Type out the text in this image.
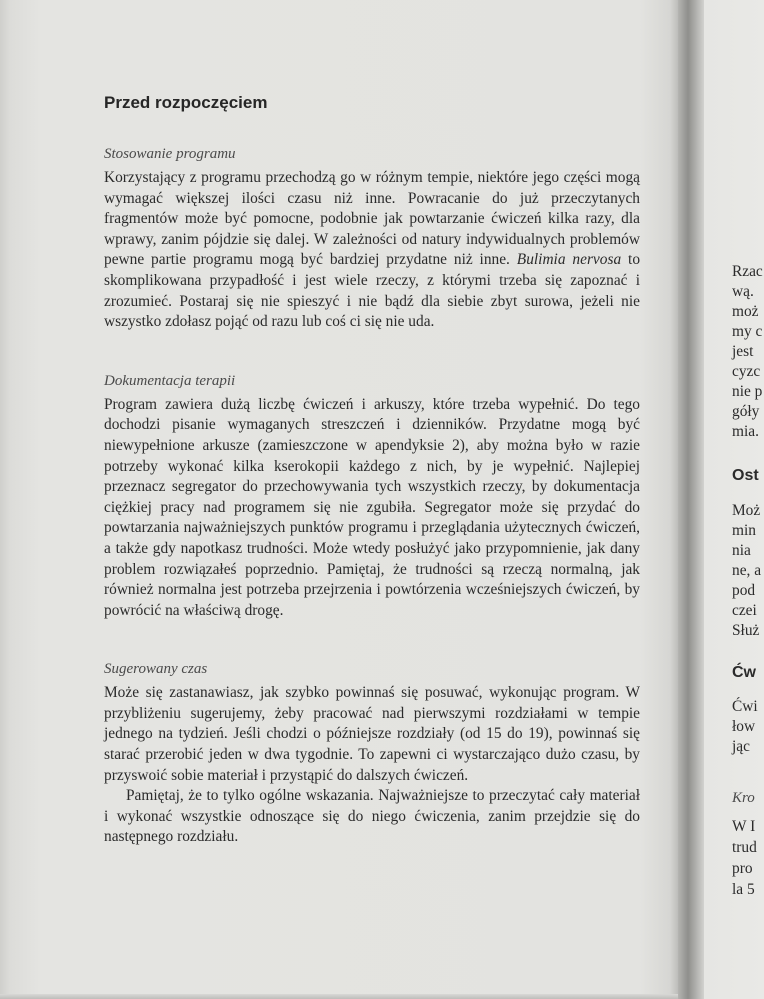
Przed rozpoczęciem
Stosowanie programu

Korzystający z programu przechodzą go w różnym tempie, niektóre jego części mogą wymagać większej ilości czasu niż inne. Powracanie do już przeczytanych fragmentów może być pomocne, podobnie jak powtarzanie ćwiczeń kilka razy, dla wprawy, zanim pójdzie się dalej. W zależności od natury indywidualnych problemów pewne partie programu mogą być bardziej przydatne niż inne. Bulimia nervosa to skomplikowana przypadłość i jest wiele rzeczy, z którymi trzeba się zapoznać i zrozumieć. Postaraj się nie spieszyć i nie bądź dla siebie zbyt surowa, jeżeli nie wszystko zdołasz pojąć od razu lub coś ci się nie uda.

Dokumentacja terapii

Program zawiera dużą liczbę ćwiczeń i arkuszy, które trzeba wypełnić. Do tego dochodzi pisanie wymaganych streszczeń i dzienników. Przydatne mogą być niewypełnione arkusze (zamieszczone w apendyksie 2), aby można było w razie potrzeby wykonać kilka kserokopii każdego z nich, by je wypełnić. Najlepiej przeznacz segregator do przechowywania tych wszystkich rzeczy, by dokumentacja ciężkiej pracy nad programem się nie zgubiła. Segregator może się przydać do powtarzania najważniejszych punktów programu i przeglądania użytecznych ćwiczeń, a także gdy napotkasz trudności. Może wtedy posłużyć jako przypomnienie, jak dany problem rozwiązałeś poprzednio. Pamiętaj, że trudności są rzeczą normalną, jak również normalna jest potrzeba przejrzenia i powtórzenia wcześniejszych ćwiczeń, by powrócić na właściwą drogę.

Sugerowany czas

Może się zastanawiasz, jak szybko powinnaś się posuwać, wykonując program. W przybliżeniu sugerujemy, żeby pracować nad pierwszymi rozdziałami w tempie jednego na tydzień. Jeśli chodzi o późniejsze rozdziały (od 15 do 19), powinnaś się starać przerobić jeden w dwa tygodnie. To zapewni ci wystarczająco dużo czasu, by przyswoić sobie materiał i przystąpić do dalszych ćwiczeń.

Pamiętaj, że to tylko ogólne wskazania. Najważniejsze to przeczytać cały materiał i wykonać wszystkie odnoszące się do niego ćwiczenia, zanim przejdzie się do następnego rozdziału.

Rzac
wą.
moż
my c
jest
cyzc
nie p
góły
mia.
Ost
Moż
min
nia
ne, a
pod
czei
Służ
Ćw
Ćwi
łow
jąc
Kro
W I
trud
pro
la 5
